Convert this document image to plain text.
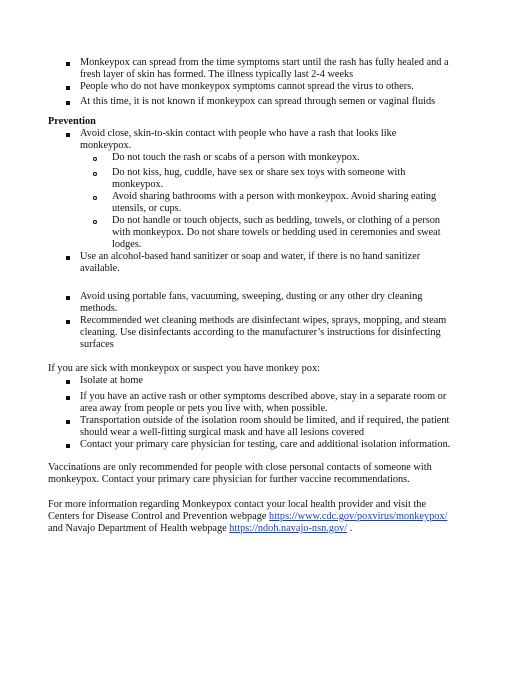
Monkeypox can spread from the time symptoms start until the rash has fully healed and a
fresh layer of skin has formed. The illness typically last 2-4 weeks
People who do not have monkeypox symptoms cannot spread the virus to others.
At this time, it is not known if monkeypox can spread through semen or vaginal fluids
Prevention
Avoid close, skin-to-skin contact with people who have a rash that looks like
monkeypox.
Do not touch the rash or scabs of a person with monkeypox.
Do not kiss, hug, cuddle, have sex or share sex toys with someone with
monkeypox.
Avoid sharing bathrooms with a person with monkeypox. Avoid sharing eating
utensils, or cups.
Do not handle or touch objects, such as bedding, towels, or clothing of a person
with monkeypox. Do not share towels or bedding used in ceremonies and sweat
lodges.
Use an alcohol-based hand sanitizer or soap and water, if there is no hand sanitizer
available.
Avoid using portable fans, vacuuming, sweeping, dusting or any other dry cleaning
methods.
Recommended wet cleaning methods are disinfectant wipes, sprays, mopping, and steam
cleaning. Use disinfectants according to the manufacturer’s instructions for disinfecting
surfaces
If you are sick with monkeypox or suspect you have monkey pox:
Isolate at home
If you have an active rash or other symptoms described above, stay in a separate room or
area away from people or pets you live with, when possible.
Transportation outside of the isolation room should be limited, and if required, the patient
should wear a well-fitting surgical mask and have all lesions covered
Contact your primary care physician for testing, care and additional isolation information.
Vaccinations are only recommended for people with close personal contacts of someone with
monkeypox. Contact your primary care physician for further vaccine recommendations.
For more information regarding Monkeypox contact your local health provider and visit the
Centers for Disease Control and Prevention webpage https://www.cdc.gov/poxvirus/monkeypox/
and Navajo Department of Health webpage https://ndoh.navajo-nsn.gov/ .
